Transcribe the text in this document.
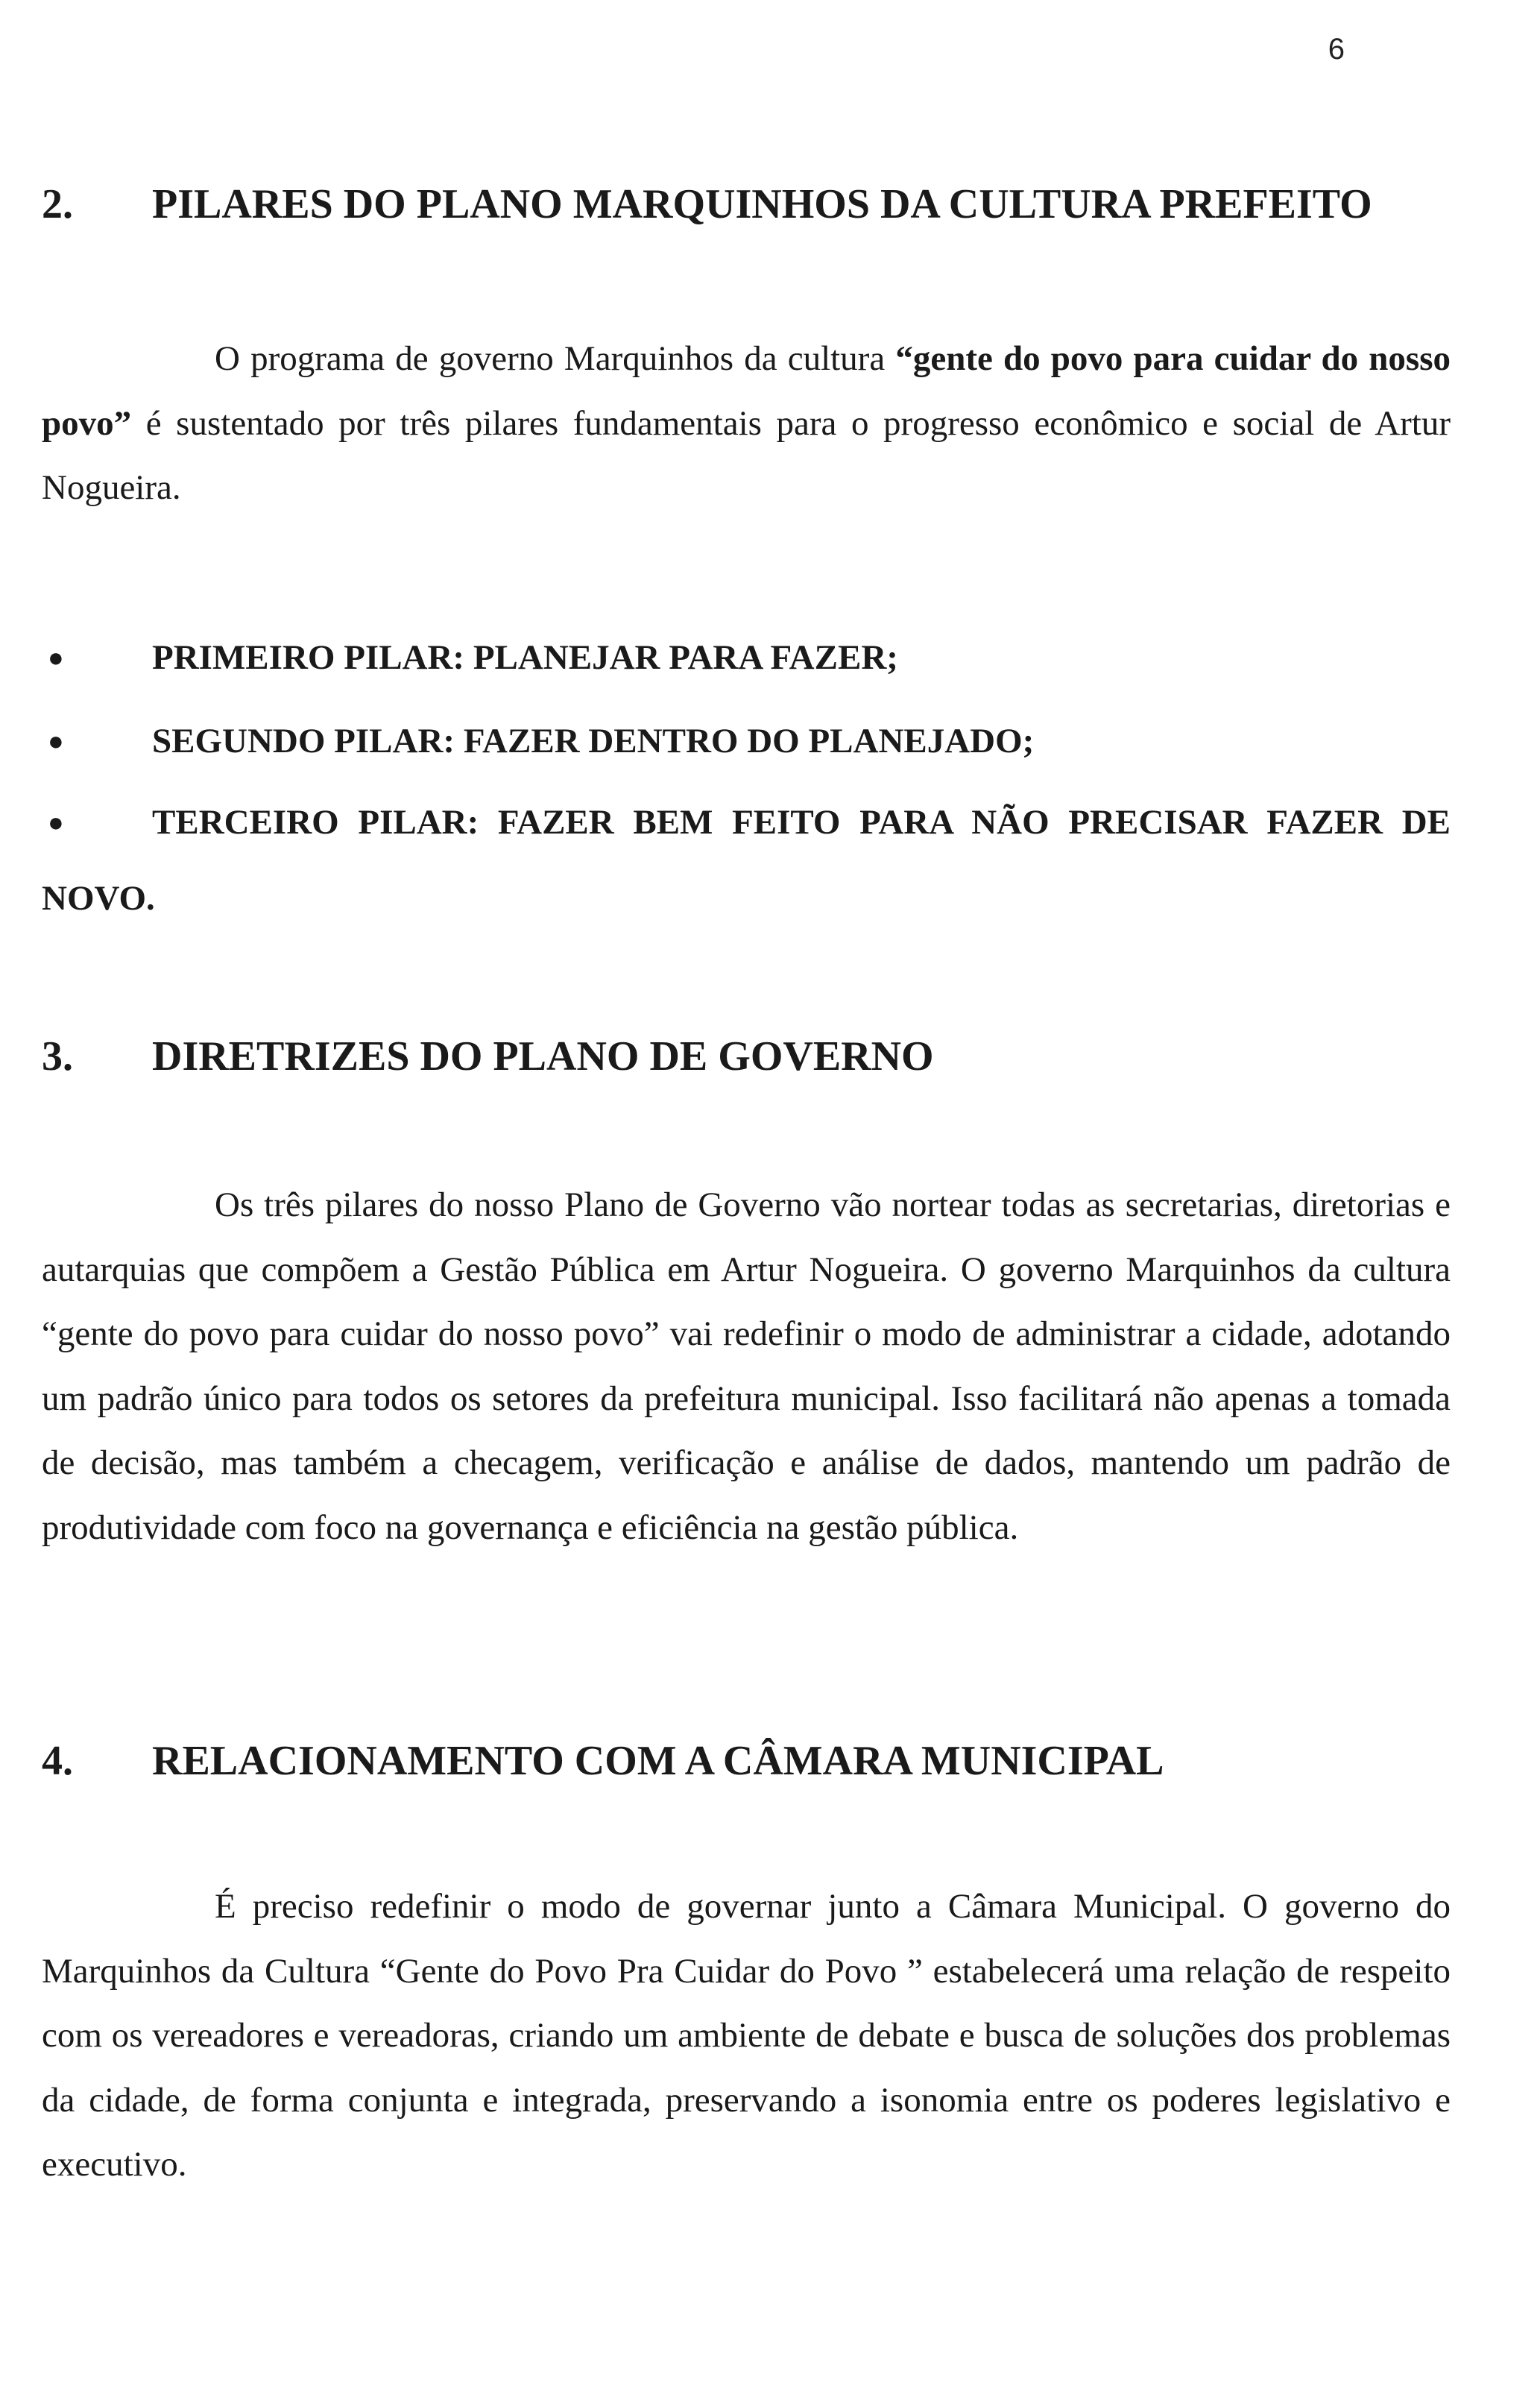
6
2. PILARES DO PLANO MARQUINHOS DA CULTURA PREFEITO
O programa de governo Marquinhos da cultura “gente do povo para cuidar do nosso povo” é sustentado por três pilares fundamentais para o progresso econômico e social de Artur Nogueira.
●	PRIMEIRO PILAR: PLANEJAR PARA FAZER;
●	SEGUNDO PILAR: FAZER DENTRO DO PLANEJADO;
●	TERCEIRO PILAR: FAZER BEM FEITO PARA NÃO PRECISAR FAZER DE NOVO.
3. DIRETRIZES DO PLANO DE GOVERNO
Os três pilares do nosso Plano de Governo vão nortear todas as secretarias, diretorias e autarquias que compõem a Gestão Pública em Artur Nogueira. O governo Marquinhos da cultura “gente do povo para cuidar do nosso povo” vai redefinir o modo de administrar a cidade, adotando um padrão único para todos os setores da prefeitura municipal. Isso facilitará não apenas a tomada de decisão, mas também a checagem, verificação e análise de dados, mantendo um padrão de produtividade com foco na governança e eficiência na gestão pública.
4. RELACIONAMENTO COM A CÂMARA MUNICIPAL
É preciso redefinir o modo de governar junto a Câmara Municipal. O governo do Marquinhos da Cultura “Gente do Povo Pra Cuidar do Povo ” estabelecerá uma relação de respeito com os vereadores e vereadoras, criando um ambiente de debate e busca de soluções dos problemas da cidade, de forma conjunta e integrada, preservando a isonomia entre os poderes legislativo e executivo.
